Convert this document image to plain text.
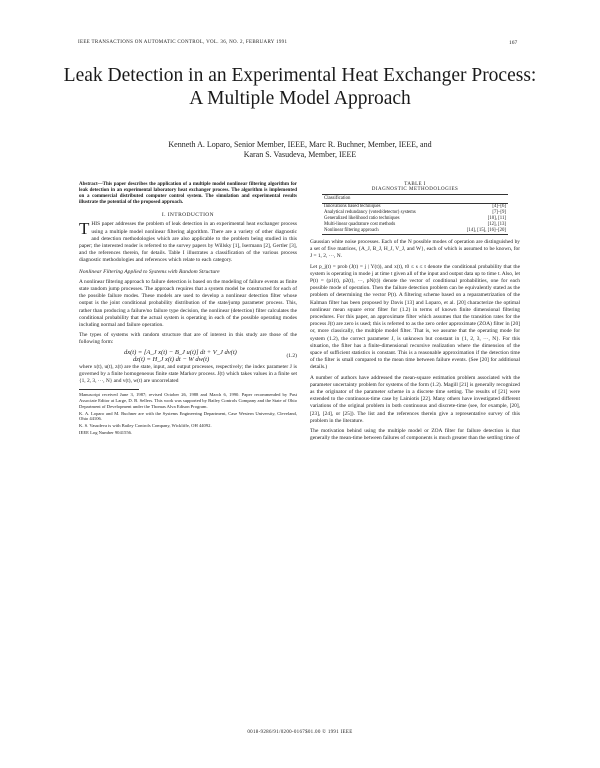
IEEE TRANSACTIONS ON AUTOMATIC CONTROL, VOL. 36, NO. 2, FEBRUARY 1991	167
Leak Detection in an Experimental Heat Exchanger Process: A Multiple Model Approach
Kenneth A. Loparo, Senior Member, IEEE, Marc R. Buchner, Member, IEEE, and
Karan S. Vasudeva, Member, IEEE

Abstract—This paper describes the application of a multiple model nonlinear filtering algorithm for leak detection in an experimental laboratory heat exchanger process. The algorithm is implemented on a commercial distributed computer control system. The simulation and experimental results illustrate the potential of the proposed approach.

I. INTRODUCTION

THIS paper addresses the problem of leak detection in an experimental heat exchanger process using a multiple model nonlinear filtering algorithm. There are a variety of other diagnostic and detection methodologies which are also applicable to the problem being studied in this paper; the interested reader is referred to the survey papers by Willsky [1], Isermann [2], Gertler [3], and the references therein, for details. Table I illustrates a classification of the various process diagnostic methodologies and references which relate to each category.

Nonlinear Filtering Applied to Systems with Random Structure

A nonlinear filtering approach to failure detection is based on the modeling of failure events as finite state random jump processes. The approach requires that a system model be constructed for each of the possible failure modes. These models are used to develop a nonlinear detection filter whose output is the joint conditional probability distribution of the state/jump parameter process. This, rather than producing a failure/no failure type decision, the nonlinear (detection) filter calculates the conditional probability that the actual system is operating in each of the possible operating modes including normal and failure operation.

The types of systems with random structure that are of interest in this study are those of the following form:

dx(t) = [A_J x(t) − B_J u(t)] dt + V_J dv(t)
dz(t) = H_J x(t) dt − W dw(t)	(1.2)

where x(t), u(t), z(t) are the state, input, and output processes, respectively; the index parameter J is governed by a finite homogeneous finite state Markov process. J(t) which takes values in a finite set {1, 2, 3, ···, N} and v(t), w(t) are uncorrelated

Manuscript received June 3, 1987; revised October 26, 1988 and March 6, 1990. Paper recommended by Past Associate Editor at Large, D. B. Sellers. This work was supported by Bailey Controls Company and the State of Ohio Department of Development under the Thomas Alva Edison Program.

K. A. Loparo and M. Buchner are with the Systems Engineering Department, Case Western University, Cleveland, Ohio 44106.

K. S. Vasudeva is with Bailey Controls Company, Wickliffe, OH 44092.

IEEE Log Number 9041556.

TABLE I
DIAGNOSTIC METHODOLOGIES
Classification	
Innovations based techniques	[4]–[6]
Analytical redundancy (voted/detector) systems	[7]–[9]
Generalized likelihood ratio techniques	[10], [11]
Multi-linear quadrature cost methods	[12], [13]
Nonlinear filtering approach	[14], [15], [16]–[20]

Gaussian white noise processes. Each of the N possible modes of operation are distinguished by a set of five matrices, {A_J, B_J, H_J, V_J, and W}, each of which is assumed to be known, for J = 1, 2, ···, N.

Let p_j(t) = prob (J(t) = j | Y(t)), and x(t), t0 ≤ s ≤ t denote the conditional probability that the system is operating in mode j at time t given all of the input and output data up to time t. Also, let P(t) = (p1(t), p2(t), ···, pN(t)) denote the vector of conditional probabilities, one for each possible mode of operation. Then the failure detection problem can be equivalently stated as the problem of determining the vector P(t). A filtering scheme based on a reparametrization of the Kalman filter has been proposed by Davis [13] and Loparo, et al. [20] characterize the optimal nonlinear mean square error filter for (1.2) in terms of known finite dimensional filtering procedures. For this paper, an approximate filter which assumes that the transition rates for the process J(t) are zero is used; this is referred to as the zero order approximate (ZOA) filter in [20] or, more classically, the multiple model filter. That is, we assume that the operating mode for system (1.2), the correct parameter J, is unknown but constant in {1, 2, 3, ···, N}. For this situation, the filter has a finite-dimensional recursive realization where the dimension of the space of sufficient statistics is constant. This is a reasonable approximation if the detection time of the filter is small compared to the mean time between failure events. (See [20] for additional details.)

A number of authors have addressed the mean-square estimation problem associated with the parameter uncertainty problem for systems of the form (1.2). Magill [21] is generally recognized as the originator of the parameter scheme in a discrete time setting. The results of [21] were extended to the continuous-time case by Lainiotis [22]. Many others have investigated different variations of the original problem in both continuous and discrete-time (see, for example, [20], [23], [24], or [25]). The list and the references therein give a representative survey of this problem in the literature.

The motivation behind using the multiple model or ZOA filter for failure detection is that generally the mean-time between failures of components is much greater than the settling time of

0018-9286/91/0200-0167$01.00 © 1991 IEEE
